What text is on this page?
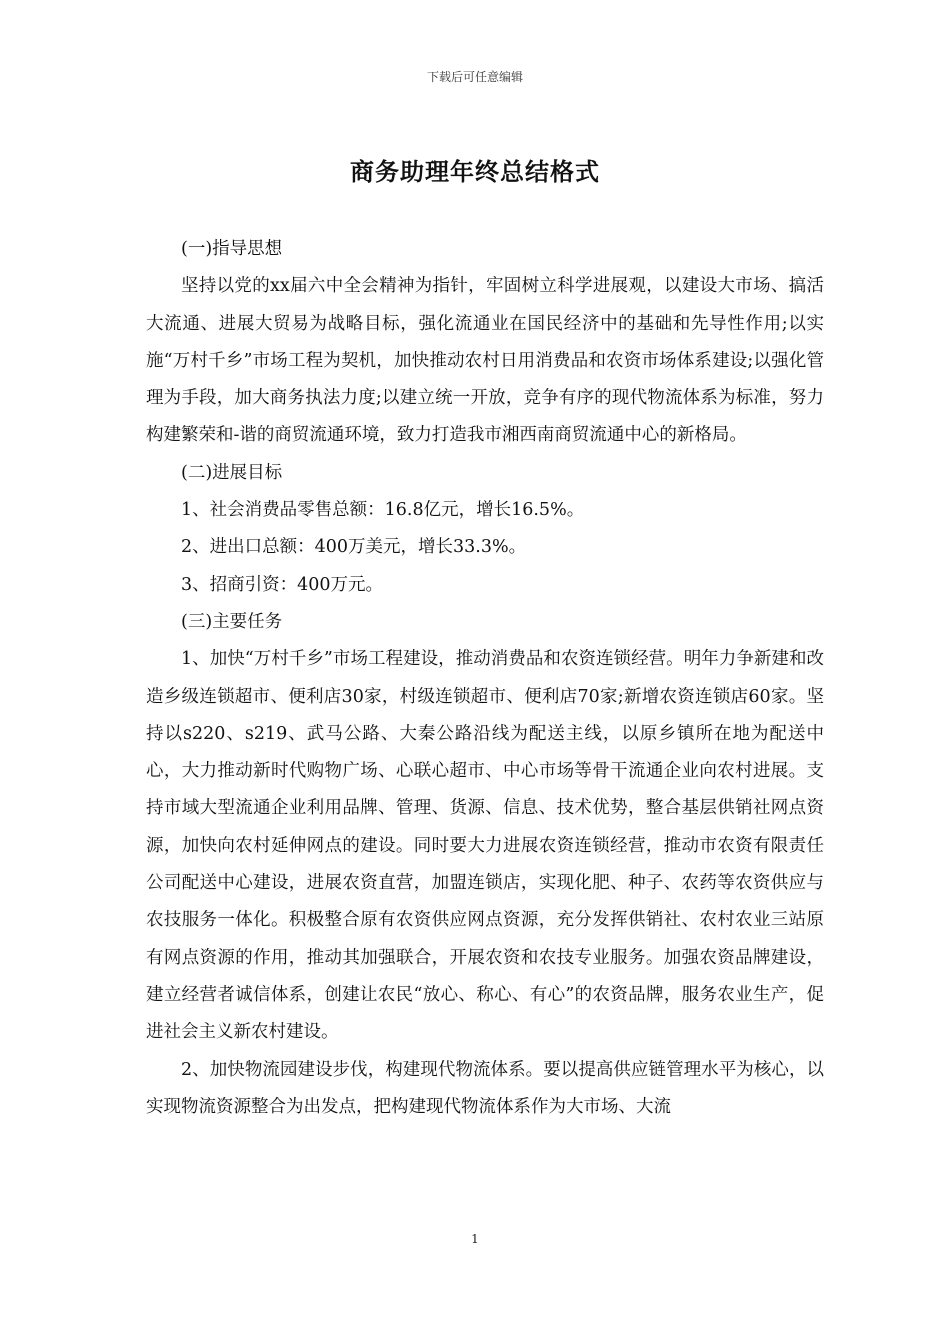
下载后可任意编辑
商务助理年终总结格式

(一)指导思想

坚持以党的xx届六中全会精神为指针，牢固树立科学进展观，以建设大市场、搞活大流通、进展大贸易为战略目标，强化流通业在国民经济中的基础和先导性作用;以实施“万村千乡”市场工程为契机，加快推动农村日用消费品和农资市场体系建设;以强化管理为手段，加大商务执法力度;以建立统一开放，竞争有序的现代物流体系为标准，努力构建繁荣和-谐的商贸流通环境，致力打造我市湘西南商贸流通中心的新格局。

(二)进展目标

1、社会消费品零售总额：16.8亿元，增长16.5%。

2、进出口总额：400万美元，增长33.3%。

3、招商引资：400万元。

(三)主要任务

1、加快“万村千乡”市场工程建设，推动消费品和农资连锁经营。明年力争新建和改造乡级连锁超市、便利店30家，村级连锁超市、便利店70家;新增农资连锁店60家。坚持以s220、s219、武马公路、大秦公路沿线为配送主线，以原乡镇所在地为配送中心，大力推动新时代购物广场、心联心超市、中心市场等骨干流通企业向农村进展。支持市域大型流通企业利用品牌、管理、货源、信息、技术优势，整合基层供销社网点资源，加快向农村延伸网点的建设。同时要大力进展农资连锁经营，推动市农资有限责任公司配送中心建设，进展农资直营，加盟连锁店，实现化肥、种子、农药等农资供应与农技服务一体化。积极整合原有农资供应网点资源，充分发挥供销社、农村农业三站原有网点资源的作用，推动其加强联合，开展农资和农技专业服务。加强农资品牌建设，建立经营者诚信体系，创建让农民“放心、称心、有心”的农资品牌，服务农业生产，促进社会主义新农村建设。

2、加快物流园建设步伐，构建现代物流体系。要以提高供应链管理水平为核心，以实现物流资源整合为出发点，把构建现代物流体系作为大市场、大流

1
